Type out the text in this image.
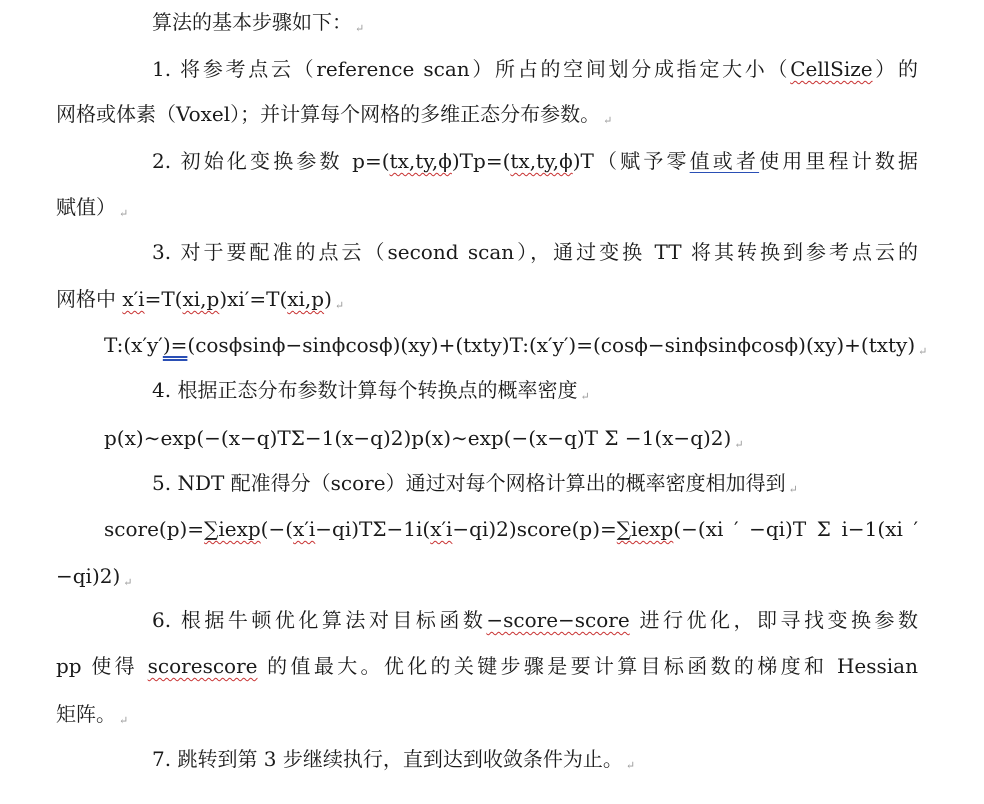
算法的基本步骤如下： ↵
1. 将参考点云（reference scan）所占的空间划分成指定大小（CellSize）的
网格或体素（Voxel）；并计算每个网格的多维正态分布参数。 ↵
2. 初始化变换参数 p=(tx,ty,ϕ)Tp=(tx,ty,ϕ)T（赋予零值或者使用里程计数据
赋值） ↵
3. 对于要配准的点云（second scan），通过变换 TT 将其转换到参考点云的
网格中 x′i=T(xi,p)xi′=T(xi,p) ↵
T:(x′y′)=(cosϕsinϕ−sinϕcosϕ)(xy)+(txty)T:(x′y′)=(cosϕ−sinϕsinϕcosϕ)(xy)+(txty) ↵
4. 根据正态分布参数计算每个转换点的概率密度 ↵
p(x)∼exp(−(x−q)TΣ−1(x−q)2)p(x)∼exp(−(x−q)T Σ −1(x−q)2) ↵
5. NDT 配准得分（score）通过对每个网格计算出的概率密度相加得到 ↵
score(p)=∑iexp(−(x′i−qi)TΣ−1i(x′i−qi)2)score(p)=∑iexp(−(xi ′ −qi)T Σ i−1(xi ′
−qi)2) ↵
6. 根据牛顿优化算法对目标函数−score−score 进行优化，即寻找变换参数
pp 使得 scorescore 的值最大。优化的关键步骤是要计算目标函数的梯度和 Hessian
矩阵。 ↵
7. 跳转到第 3 步继续执行，直到达到收敛条件为止。 ↵
